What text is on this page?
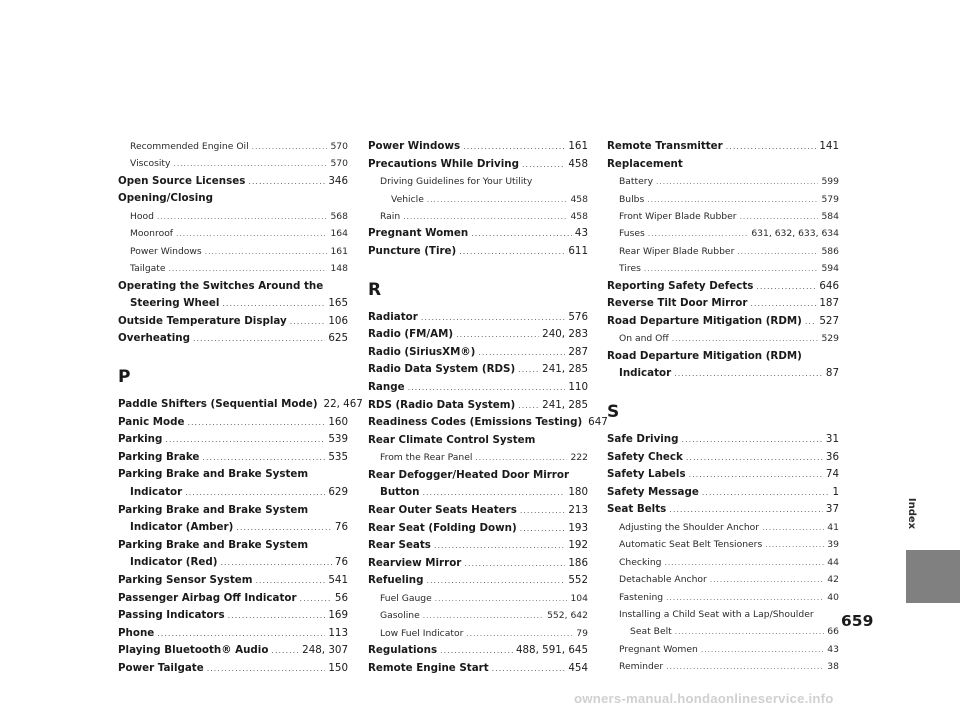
Recommended Engine Oil .....	570
Viscosity .....	570
Open Source Licenses .....	346
Opening/Closing
Hood .....	568
Moonroof .....	164
Power Windows .....	161
Tailgate .....	148
Operating the Switches Around the
Steering Wheel .....	165
Outside Temperature Display .....	106
Overheating .....	625
P
Paddle Shifters (Sequential Mode) 22, 467
Panic Mode .....	160
Parking .....	539
Parking Brake .....	535
Parking Brake and Brake System
Indicator .....	629
Parking Brake and Brake System
Indicator (Amber) .....	76
Parking Brake and Brake System
Indicator (Red) .....	76
Parking Sensor System .....	541
Passenger Airbag Off Indicator .....	56
Passing Indicators .....	169
Phone .....	113
Playing Bluetooth® Audio .....	248, 307
Power Tailgate .....	150
Power Windows .....	161
Precautions While Driving .....	458
Driving Guidelines for Your Utility
Vehicle .....	458
Rain .....	458
Pregnant Women .....	43
Puncture (Tire) .....	611
R
Radiator .....	576
Radio (FM/AM) .....	240, 283
Radio (SiriusXM®) .....	287
Radio Data System (RDS) .....	241, 285
Range .....	110
RDS (Radio Data System) .....	241, 285
Readiness Codes (Emissions Testing) 647
Rear Climate Control System
From the Rear Panel .....	222
Rear Defogger/Heated Door Mirror
Button .....	180
Rear Outer Seats Heaters .....	213
Rear Seat (Folding Down) .....	193
Rear Seats .....	192
Rearview Mirror .....	186
Refueling .....	552
Fuel Gauge .....	104
Gasoline .....	552, 642
Low Fuel Indicator .....	79
Regulations .....	488, 591, 645
Remote Engine Start .....	454
Remote Transmitter .....	141
Replacement
Battery .....	599
Bulbs .....	579
Front Wiper Blade Rubber .....	584
Fuses .....	631, 632, 633, 634
Rear Wiper Blade Rubber .....	586
Tires .....	594
Reporting Safety Defects .....	646
Reverse Tilt Door Mirror .....	187
Road Departure Mitigation (RDM) ..... 527
On and Off .....	529
Road Departure Mitigation (RDM)
Indicator .....	87
S
Safe Driving .....	31
Safety Check .....	36
Safety Labels .....	74
Safety Message .....	1
Seat Belts .....	37
Adjusting the Shoulder Anchor .....	41
Automatic Seat Belt Tensioners .....	39
Checking .....	44
Detachable Anchor .....	42
Fastening .....	40
Installing a Child Seat with a Lap/Shoulder
Seat Belt .....	66
Pregnant Women .....	43
Reminder .....	38
Index
659
owners-manual.hondaonlineservice.info
